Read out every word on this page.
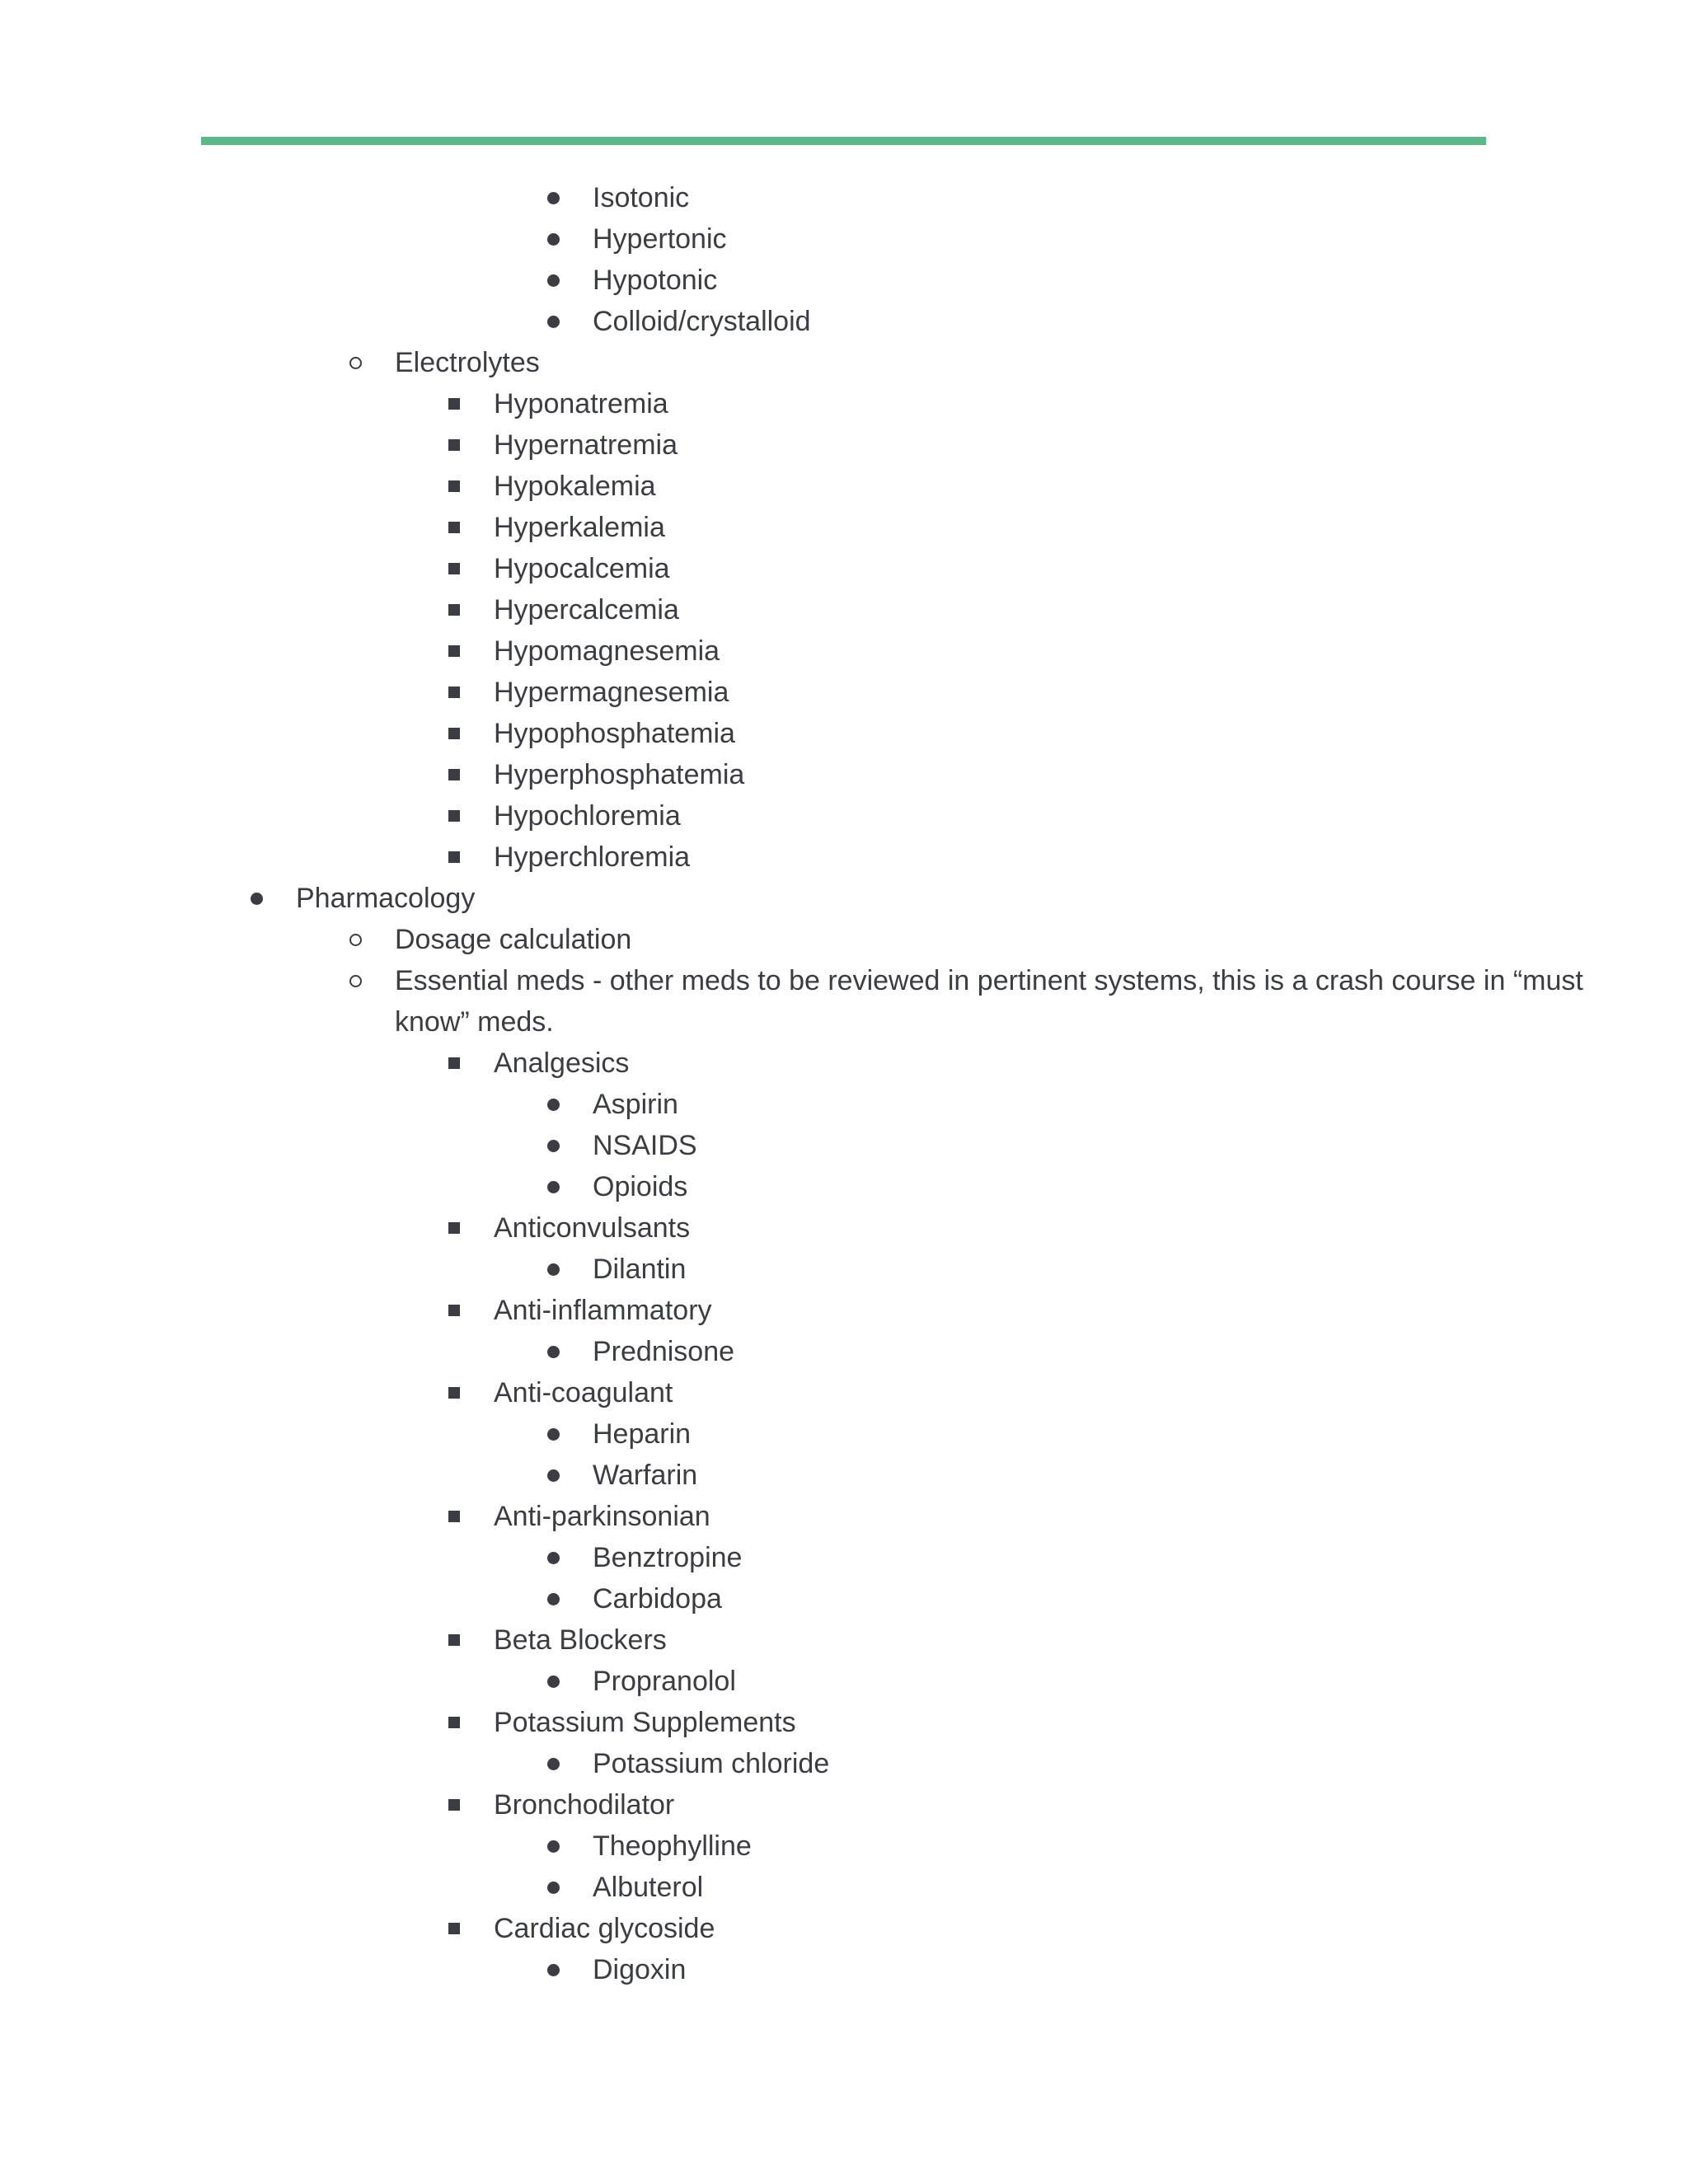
Isotonic
Hypertonic
Hypotonic
Colloid/crystalloid
Electrolytes
Hyponatremia
Hypernatremia
Hypokalemia
Hyperkalemia
Hypocalcemia
Hypercalcemia
Hypomagnesemia
Hypermagnesemia
Hypophosphatemia
Hyperphosphatemia
Hypochloremia
Hyperchloremia
Pharmacology
Dosage calculation
Essential meds - other meds to be reviewed in pertinent systems, this is a crash course in “must know” meds.
Analgesics
Aspirin
NSAIDS
Opioids
Anticonvulsants
Dilantin
Anti-inflammatory
Prednisone
Anti-coagulant
Heparin
Warfarin
Anti-parkinsonian
Benztropine
Carbidopa
Beta Blockers
Propranolol
Potassium Supplements
Potassium chloride
Bronchodilator
Theophylline
Albuterol
Cardiac glycoside
Digoxin
